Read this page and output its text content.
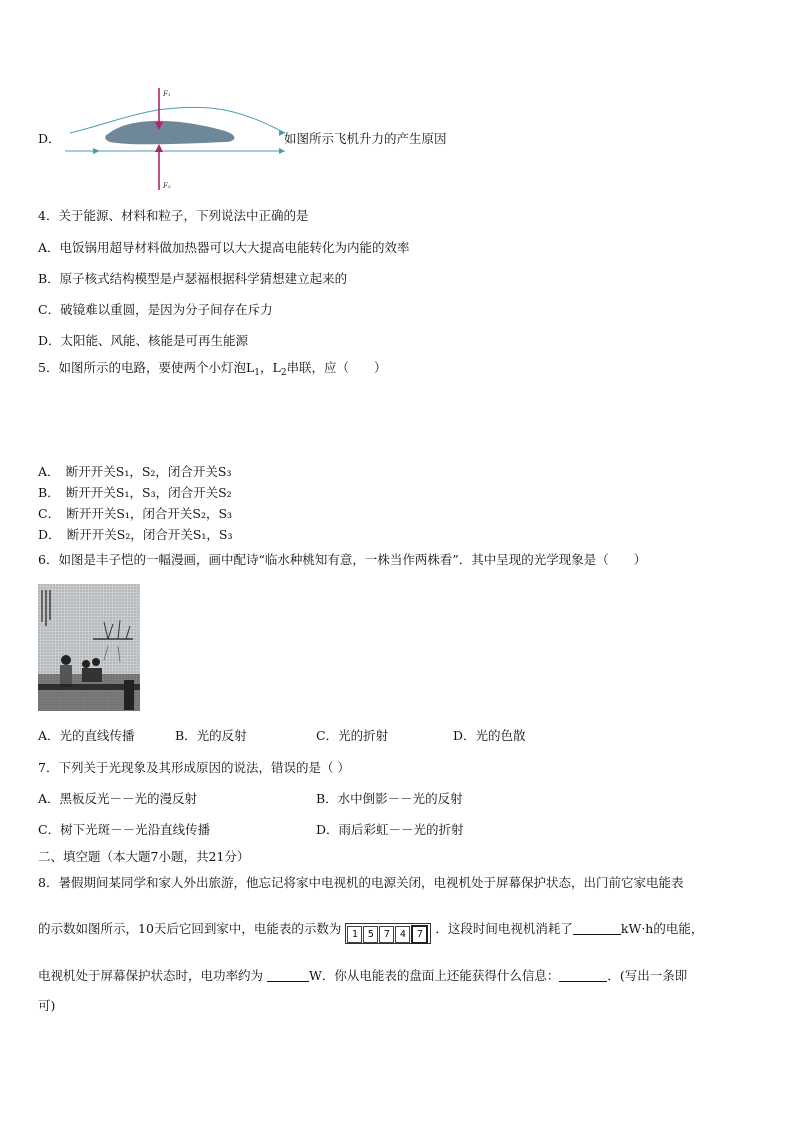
D．
F₁
F₂
如图所示飞机升力的产生原因
4．关于能源、材料和粒子，下列说法中正确的是
A．电饭锅用超导材料做加热器可以大大提高电能转化为内能的效率
B．原子核式结构模型是卢瑟福根据科学猜想建立起来的
C．破镜难以重圆，是因为分子间存在斥力
D．太阳能、风能、核能是可再生能源
5．如图所示的电路，要使两个小灯泡$L_1$，$L_2$串联，应（　　）
A．　断开开关S₁，S₂，闭合开关S₃
B．　断开开关S₁，S₃，闭合开关S₂
C．　断开开关S₁，闭合开关S₂，S₃
D．　断开开关S₂，闭合开关S₁，S₃
6．如图是丰子恺的一幅漫画，画中配诗“临水种桃知有意，一株当作两株看”．其中呈现的光学现象是（　　）
A．光的直线传播	B．光的反射	C．光的折射	D．光的色散
7．下列关于光现象及其形成原因的说法，错误的是（ ）
A．黑板反光－－光的漫反射	B．水中倒影－－光的反射
C．树下光斑－－光沿直线传播	D．雨后彩虹－－光的折射
二、填空题（本大题7小题，共21分）
8．暑假期间某同学和家人外出旅游，他忘记将家中电视机的电源关闭，电视机处于屏幕保护状态，出门前它家电能表
的示数如图所示，10天后它回到家中，电能表的示数为 1 5 7 4 7 ．这段时间电视机消耗了	kW·h的电能，
电视机处于屏幕保护状态时，电功率约为	W．你从电能表的盘面上还能获得什么信息：	．(写出一条即
可)
